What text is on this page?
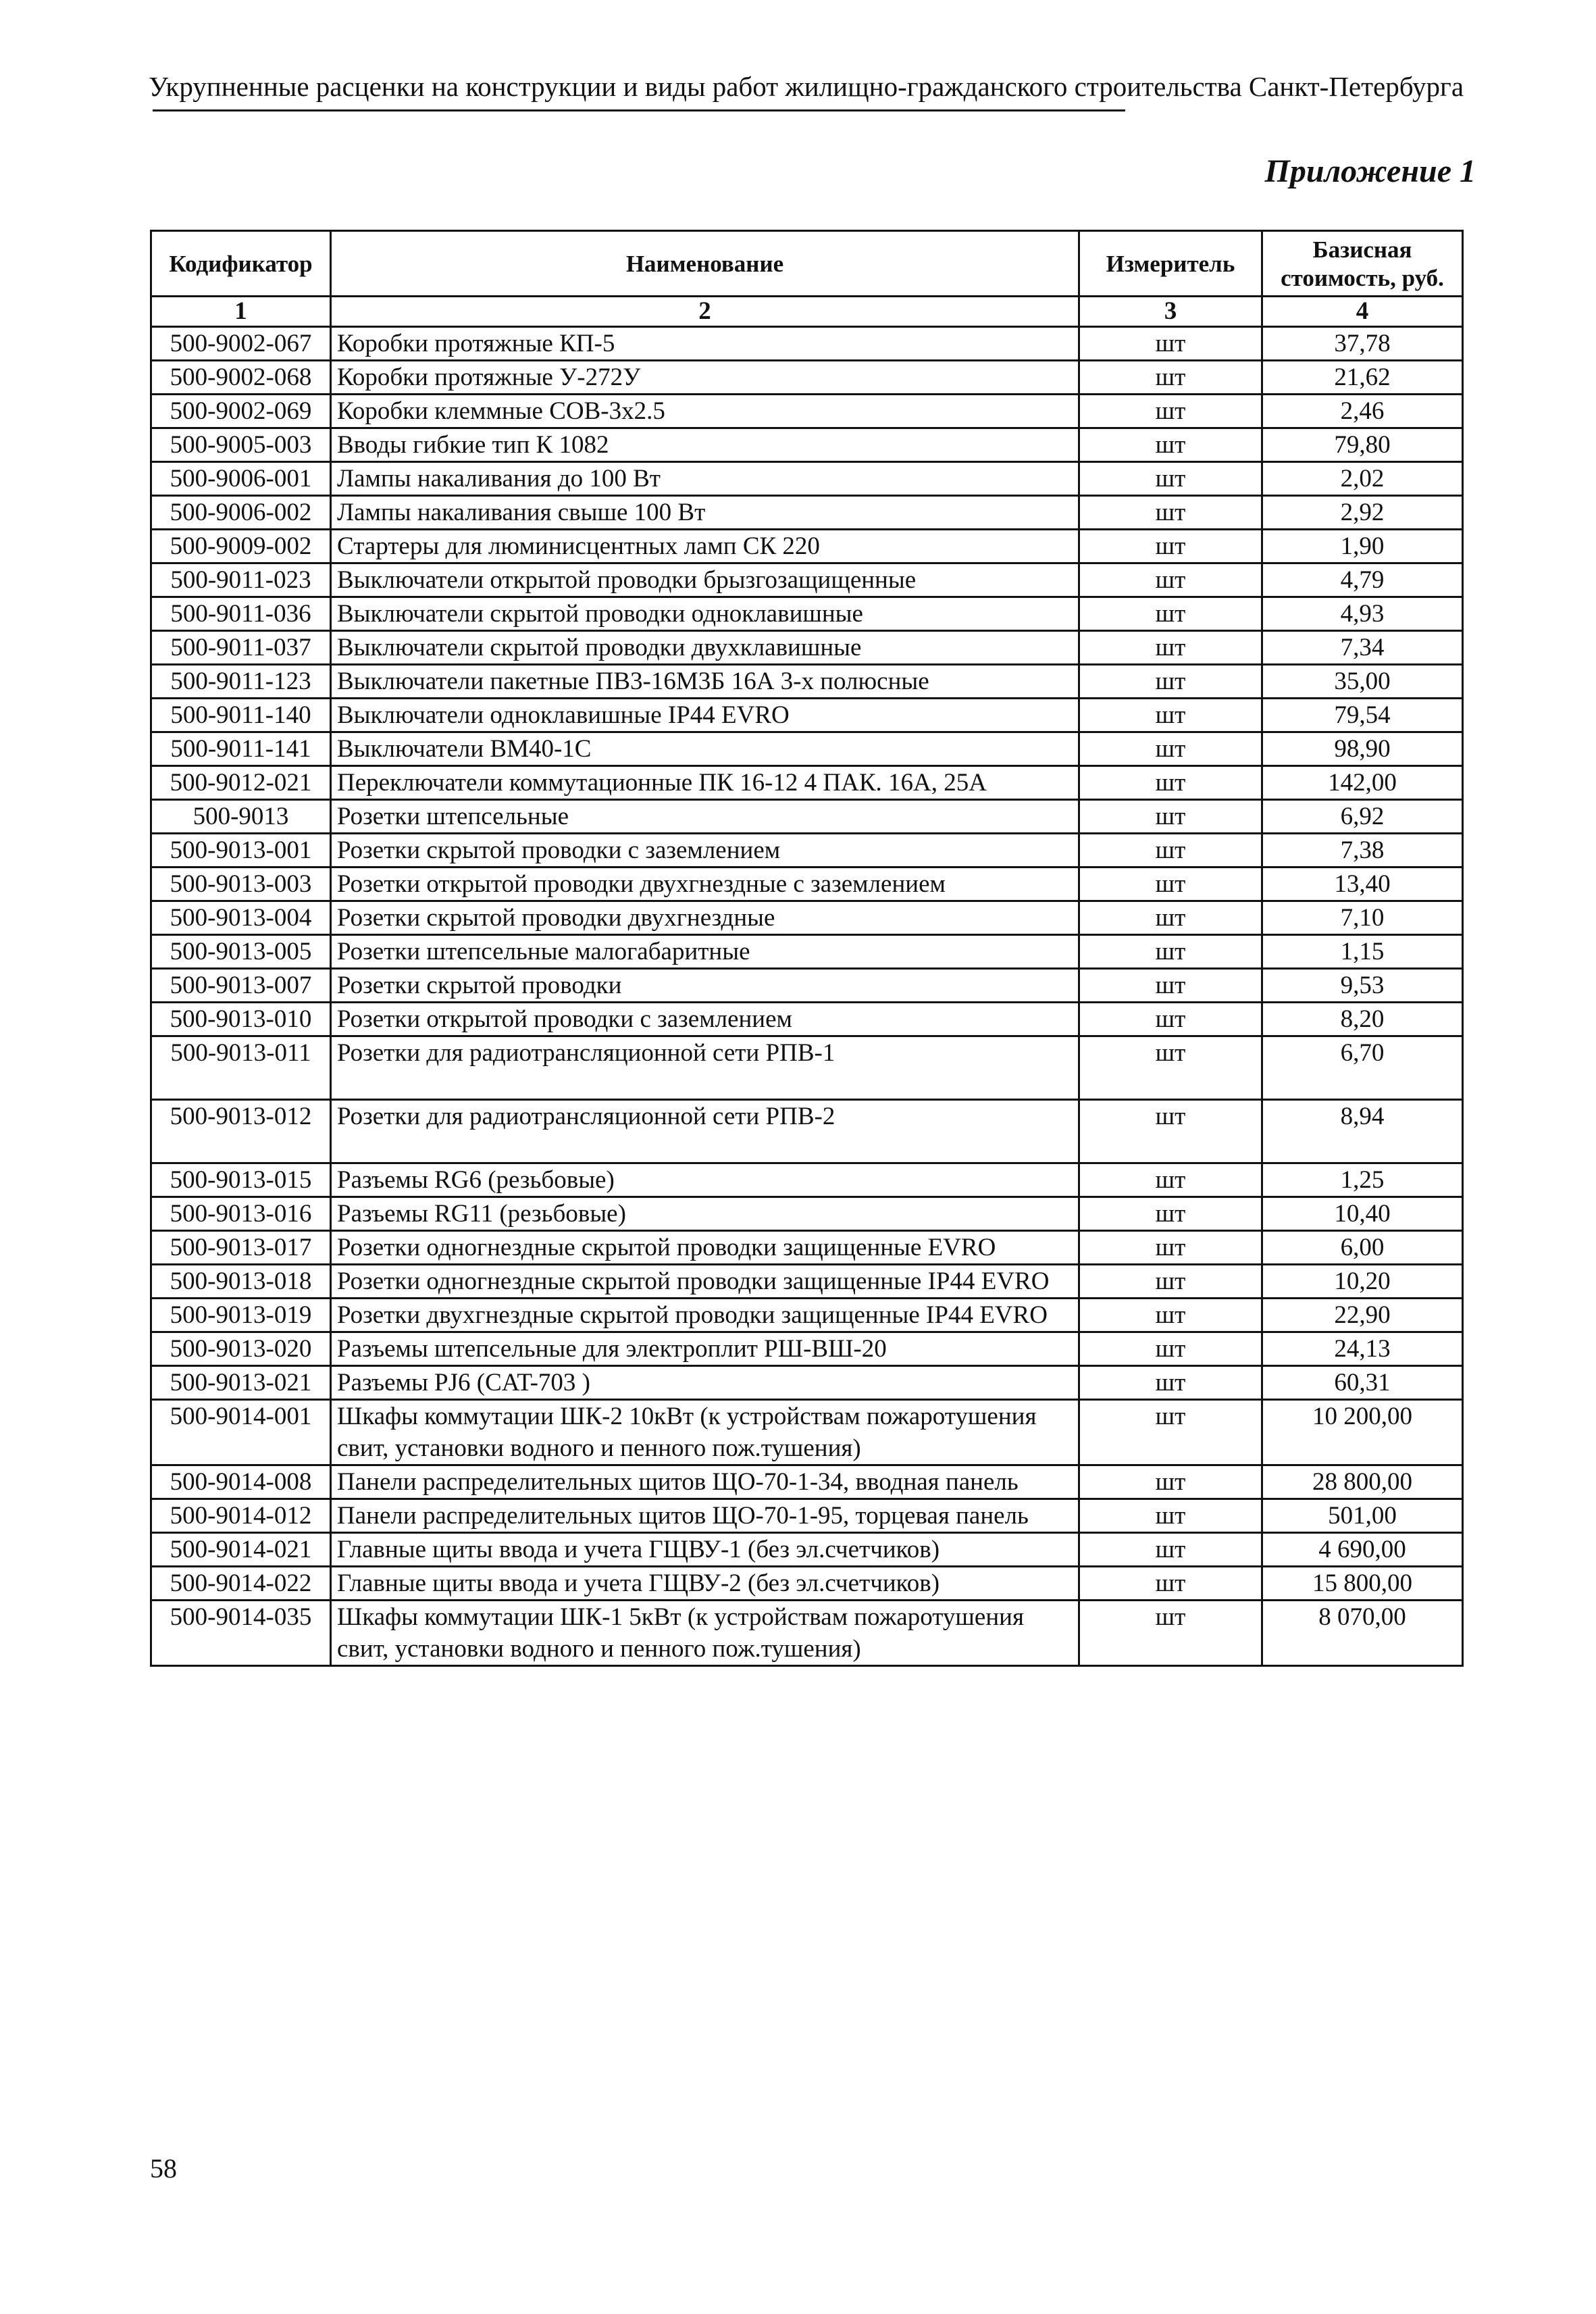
Укрупненные расценки на конструкции и виды работ жилищно-гражданского строительства Санкт-Петербурга
Приложение 1
Кодификатор	Наименование	Измеритель	Базисная стоимость, руб.
1	2	3	4
500-9002-067	Коробки протяжные КП-5	шт	37,78
500-9002-068	Коробки протяжные У-272У	шт	21,62
500-9002-069	Коробки клеммные СОВ-3х2.5	шт	2,46
500-9005-003	Вводы гибкие тип К 1082	шт	79,80
500-9006-001	Лампы накаливания до 100 Вт	шт	2,02
500-9006-002	Лампы накаливания свыше 100 Вт	шт	2,92
500-9009-002	Стартеры для люминисцентных ламп СК 220	шт	1,90
500-9011-023	Выключатели открытой проводки брызгозащищенные	шт	4,79
500-9011-036	Выключатели скрытой проводки одноклавишные	шт	4,93
500-9011-037	Выключатели скрытой проводки двухклавишные	шт	7,34
500-9011-123	Выключатели пакетные ПВ3-16М3Б 16А 3-х полюсные	шт	35,00
500-9011-140	Выключатели одноклавишные IP44 EVRO	шт	79,54
500-9011-141	Выключатели ВМ40-1С	шт	98,90
500-9012-021	Переключатели коммутационные ПК 16-12 4 ПАК. 16А, 25А	шт	142,00
500-9013	Розетки штепсельные	шт	6,92
500-9013-001	Розетки скрытой проводки с заземлением	шт	7,38
500-9013-003	Розетки открытой проводки двухгнездные с заземлением	шт	13,40
500-9013-004	Розетки скрытой проводки двухгнездные	шт	7,10
500-9013-005	Розетки штепсельные малогабаритные	шт	1,15
500-9013-007	Розетки скрытой проводки	шт	9,53
500-9013-010	Розетки открытой проводки с заземлением	шт	8,20
500-9013-011	Розетки для радиотрансляционной сети РПВ-1	шт	6,70
500-9013-012	Розетки для радиотрансляционной сети РПВ-2	шт	8,94
500-9013-015	Разъемы RG6 (резьбовые)	шт	1,25
500-9013-016	Разъемы RG11 (резьбовые)	шт	10,40
500-9013-017	Розетки одногнездные скрытой проводки защищенные EVRO	шт	6,00
500-9013-018	Розетки одногнездные скрытой проводки защищенные IP44 EVRO	шт	10,20
500-9013-019	Розетки двухгнездные скрытой проводки защищенные IP44 EVRO	шт	22,90
500-9013-020	Разъемы штепсельные для электроплит РШ-ВШ-20	шт	24,13
500-9013-021	Разъемы PJ6 (CAT-703 )	шт	60,31
500-9014-001	Шкафы коммутации ШК-2 10кВт (к устройствам пожаротушения свит, установки водного и пенного пож.тушения)	шт	10 200,00
500-9014-008	Панели распределительных щитов ЩО-70-1-34, вводная панель	шт	28 800,00
500-9014-012	Панели распределительных щитов ЩО-70-1-95, торцевая панель	шт	501,00
500-9014-021	Главные щиты ввода и учета ГЩВУ-1 (без эл.счетчиков)	шт	4 690,00
500-9014-022	Главные щиты ввода и учета ГЩВУ-2 (без эл.счетчиков)	шт	15 800,00
500-9014-035	Шкафы коммутации ШК-1 5кВт (к устройствам пожаротушения свит, установки водного и пенного пож.тушения)	шт	8 070,00
58
